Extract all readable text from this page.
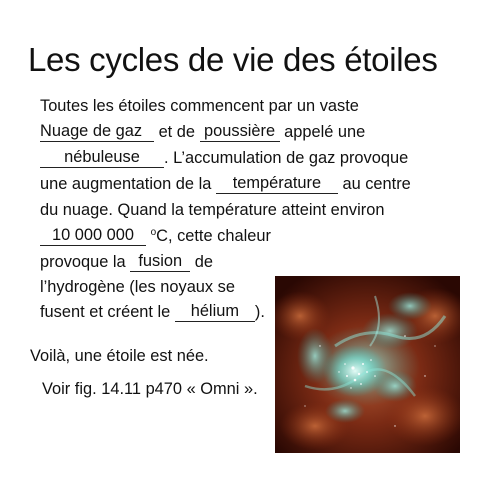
Les cycles de vie des étoiles
Toutes les étoiles commencent par un vaste
Nuage de gaz et de poussière appelé une
nébuleuse . L’accumulation de gaz provoque
une augmentation de la température au centre
du nuage. Quand la température atteint environ
10 000 000 $^o$C, cette chaleur
provoque la fusion de
l’hydrogène (les noyaux se
fusent et créent le hélium ).
Voilà, une étoile est née.
Voir fig. 14.11 p470 « Omni ».
